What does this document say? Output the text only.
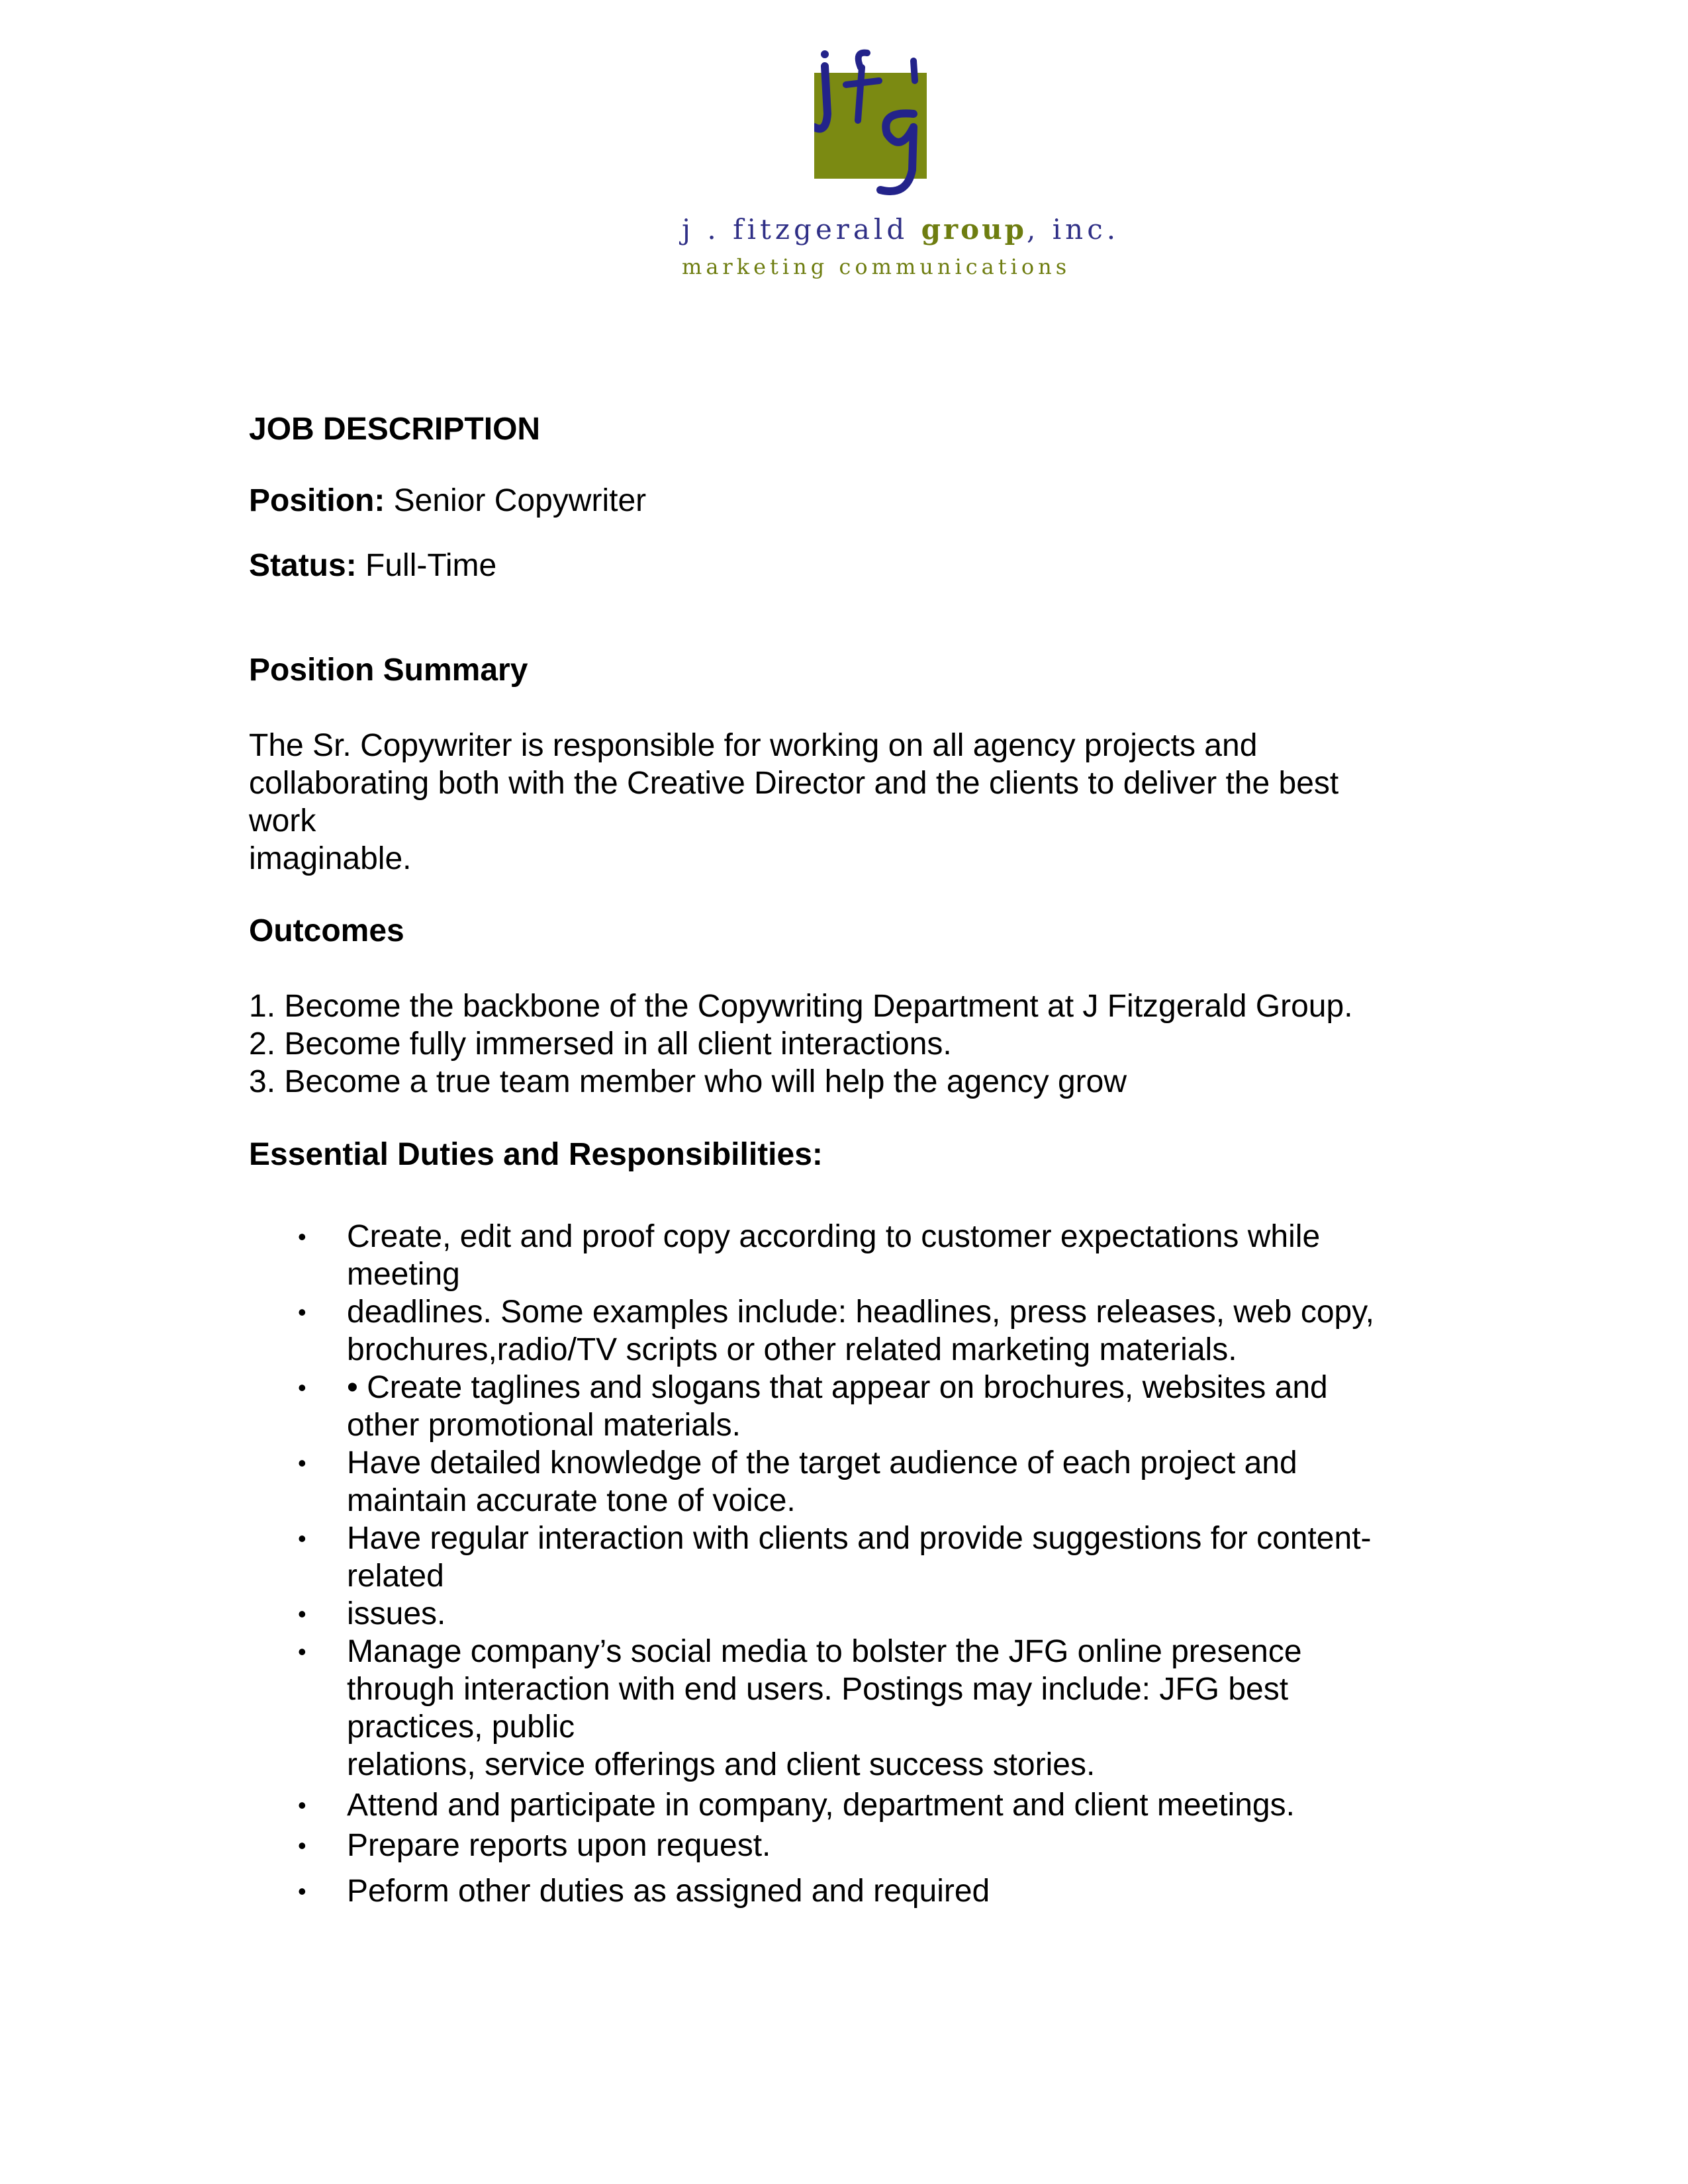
j . fitzgerald group, inc.
marketing communications
JOB DESCRIPTION
Position: Senior Copywriter
Status: Full-Time
Position Summary
The Sr. Copywriter is responsible for working on all agency projects and
collaborating both with the Creative Director and the clients to deliver the best
work
imaginable.
Outcomes
1. Become the backbone of the Copywriting Department at J Fitzgerald Group.
2. Become fully immersed in all client interactions.
3. Become a true team member who will help the agency grow
Essential Duties and Responsibilities:
• Create, edit and proof copy according to customer expectations while
meeting
• deadlines. Some examples include: headlines, press releases, web copy,
brochures,radio/TV scripts or other related marketing materials.
• • Create taglines and slogans that appear on brochures, websites and
other promotional materials.
• Have detailed knowledge of the target audience of each project and
maintain accurate tone of voice.
• Have regular interaction with clients and provide suggestions for content-
related
• issues.
• Manage company’s social media to bolster the JFG online presence
through interaction with end users. Postings may include: JFG best
practices, public
relations, service offerings and client success stories.
• Attend and participate in company, department and client meetings.
• Prepare reports upon request.
• Peform other duties as assigned and required
